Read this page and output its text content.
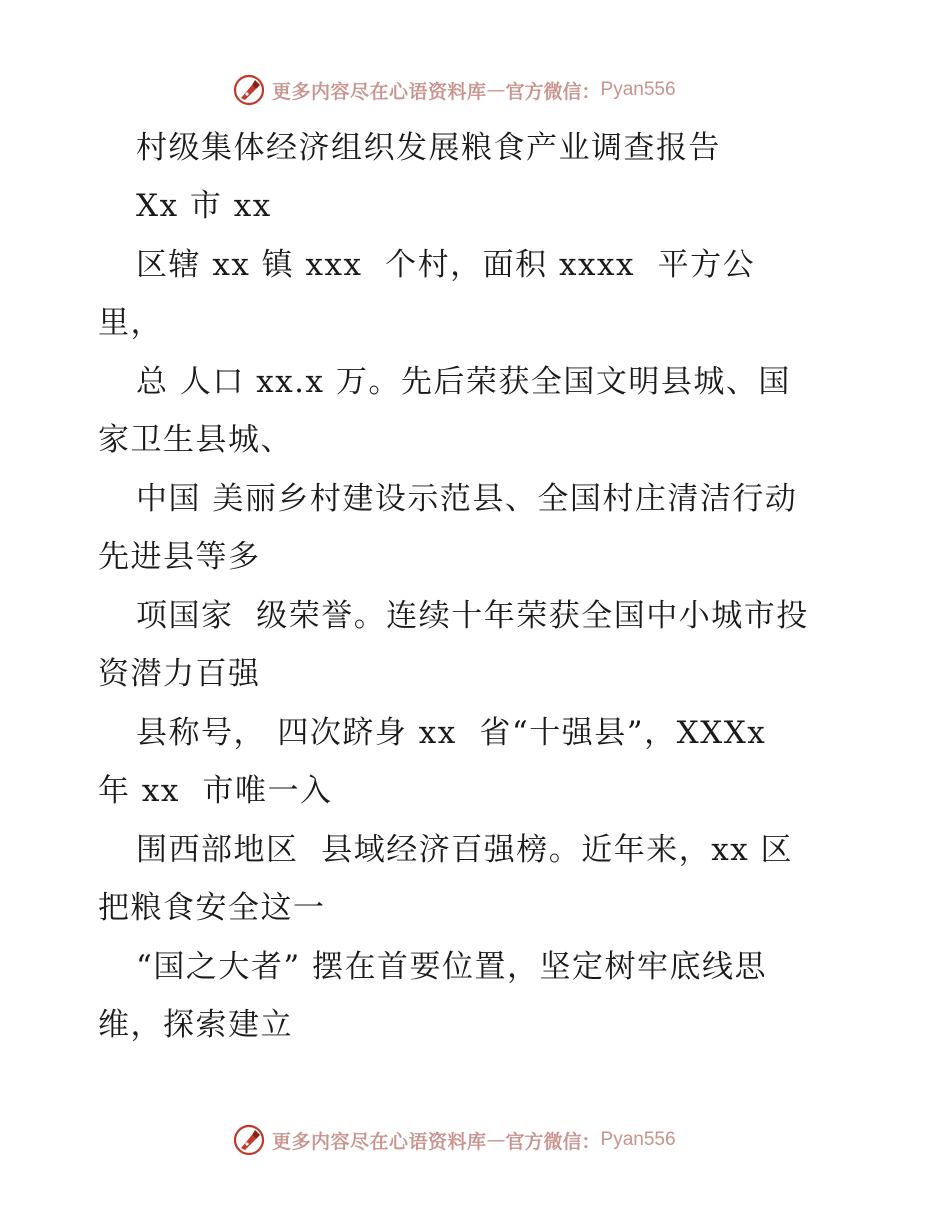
更多内容尽在心语资料库 — 官方微信： Pyan556
村级集体经济组织发展粮食产业调查报告
Xx 市 xx
区辖 xx 镇 xxx  个村，面积 xxxx  平方公
里，
总 人口 xx.x 万。先后荣获全国文明县城、国
家卫生县城、
中国 美丽乡村建设示范县、全国村庄清洁行动
先进县等多
项国家  级荣誉。连续十年荣获全国中小城市投
资潜力百强
县称号， 四次跻身 xx  省“十强县”，XXXx
年 xx  市唯一入
围西部地区  县域经济百强榜。近年来，xx 区
把粮食安全这一
“国之大者” 摆在首要位置，坚定树牢底线思
维，探索建立
更多内容尽在心语资料库 — 官方微信： Pyan556
